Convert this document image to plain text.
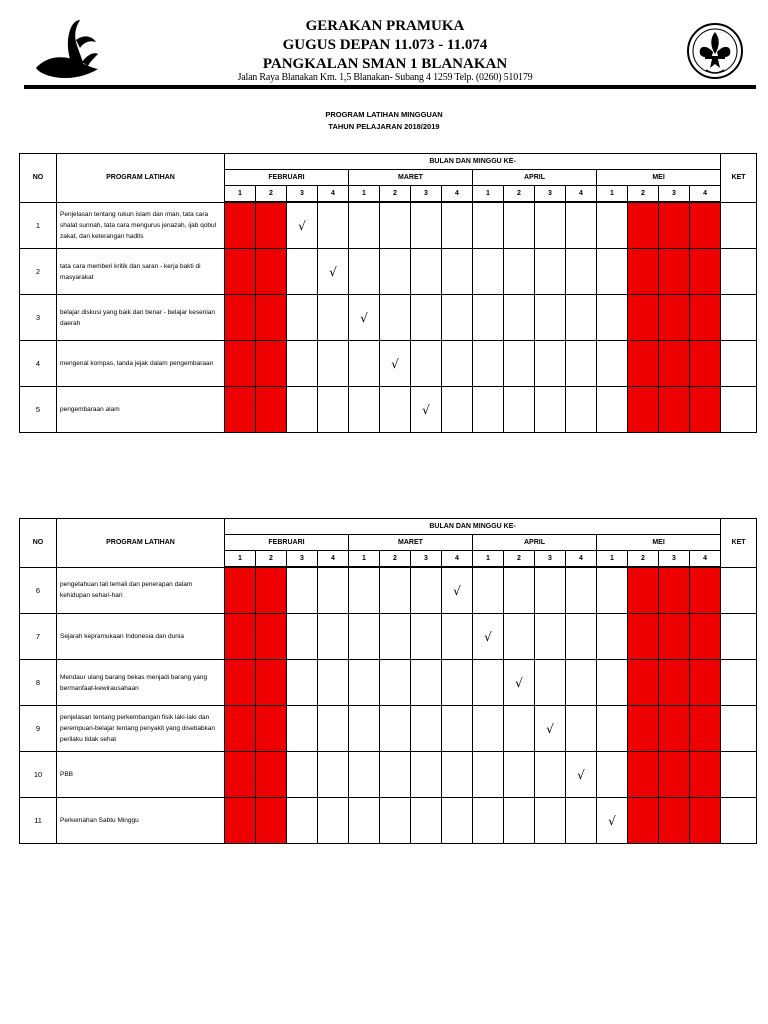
GERAKAN PRAMUKA
GUGUS DEPAN 11.073 - 11.074
PANGKALAN SMAN 1 BLANAKAN
Jalan Raya Blanakan Km. 1,5 Blanakan- Subang 4 1259 Telp. (0260) 510179
PROGRAM LATIHAN MINGGUAN
TAHUN PELAJARAN 2018/2019
NO	PROGRAM LATIHAN	BULAN DAN MINGGU KE-																KET
		FEBRUARI				MARET				APRIL				MEI				
		1	2	3	4	1	2	3	4	1	2	3	4	1	2	3	4	
1	Penjelasan tentang rukun islam dan iman, tata cara shalat sunnah, tata cara mengurus jenazah, ijab qobul zakat, dan keterangan hadits			√														
2	tata cara memberi kritik dan saran - kerja bakti di masyarakat				√													
3	belajar diskusi yang baik dan benar - belajar kesenian daerah					√												
4	mengenal kompas, tanda jejak dalam pengembaraan						√											
5	pengembaraan alam							√										
NO	PROGRAM LATIHAN	BULAN DAN MINGGU KE-																KET
		FEBRUARI				MARET				APRIL				MEI				
		1	2	3	4	1	2	3	4	1	2	3	4	1	2	3	4	
6	pengetahuan tali temali dan penerapan dalam kehidupan sehari-hari								√									
7	Sejarah kepramukaan Indonesia dan dunia									√								
8	Mendaur ulang barang bekas menjadi barang yang bermanfaat-kewirausahaan										√							
9	penjelasan tentang perkembangan fisik laki-laki dan perempuan-belajar tentang penyakit yang disebabkan perilaku tidak sehat											√						
10	PBB												√					
11	Perkemahan Sabtu Minggu													√				
